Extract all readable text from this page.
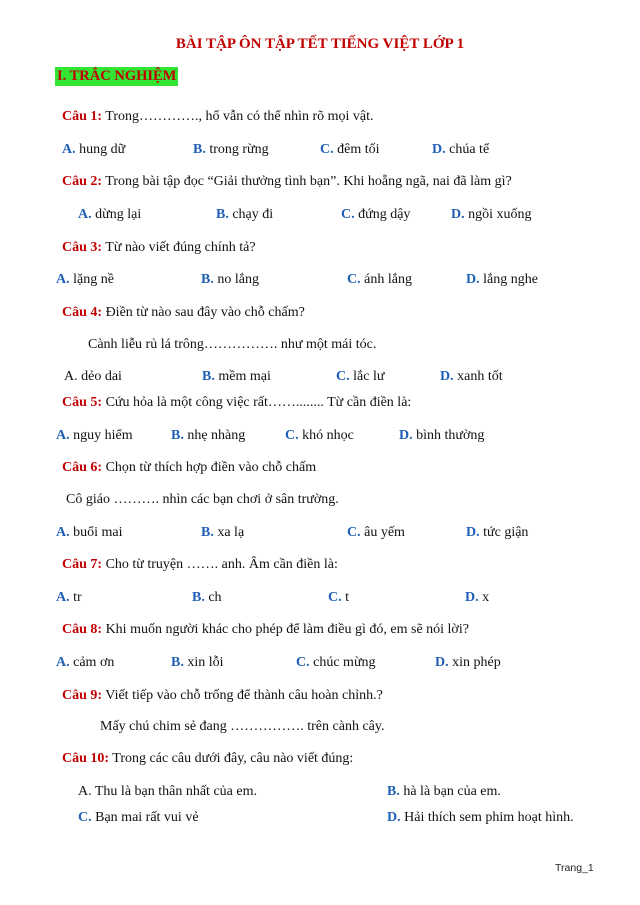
BÀI TẬP ÔN TẬP TẾT TIẾNG VIỆT LỚP 1
I. TRẮC NGHIỆM
Câu 1: Trong…………., hổ vẫn có thể nhìn rõ mọi vật.
A. hung dữ	B. trong rừng	C. đêm tối	D. chúa tể
Câu 2: Trong bài tập đọc “Giải thưởng tình bạn”. Khi hoẵng ngã, nai đã làm gì?
A. dừng lại	B. chạy đi	C. đứng dậy	D. ngồi xuống
Câu 3: Từ nào viết đúng chính tả?
A. lặng nề	B. no lắng	C. ánh lắng	D. lắng nghe
Câu 4: Điền từ nào sau đây vào chỗ chấm?
Cành liễu rủ lá trông……………. như một mái tóc.
A. dẻo dai	B. mềm mại	C. lắc lư	D. xanh tốt
Câu 5: Cứu hỏa là một công việc rất……........ Từ cần điền là:
A. nguy hiểm	B. nhẹ nhàng	C. khó nhọc	D. bình thường
Câu 6: Chọn từ thích hợp điền vào chỗ chấm
Cô giáo ………. nhìn các bạn chơi ở sân trường.
A. buổi mai	B. xa lạ	C. âu yếm	D. tức giận
Câu 7: Cho từ truyện ……. anh. Âm cần điền là:
A. tr	B. ch	C. t	D. x
Câu 8: Khi muốn người khác cho phép để làm điều gì đó, em sẽ nói lời?
A. cảm ơn	B. xin lỗi	C. chúc mừng	D. xin phép
Câu 9: Viết tiếp vào chỗ trống để thành câu hoàn chỉnh.?
Mấy chú chim sẻ đang ……………. trên cành cây.
Câu 10: Trong các câu dưới đây, câu nào viết đúng:
A. Thu là bạn thân nhất của em.	B. hà là bạn của em.
C. Bạn mai rất vui vẻ	D. Hải thích sem phim hoạt hình.
Trang_1
